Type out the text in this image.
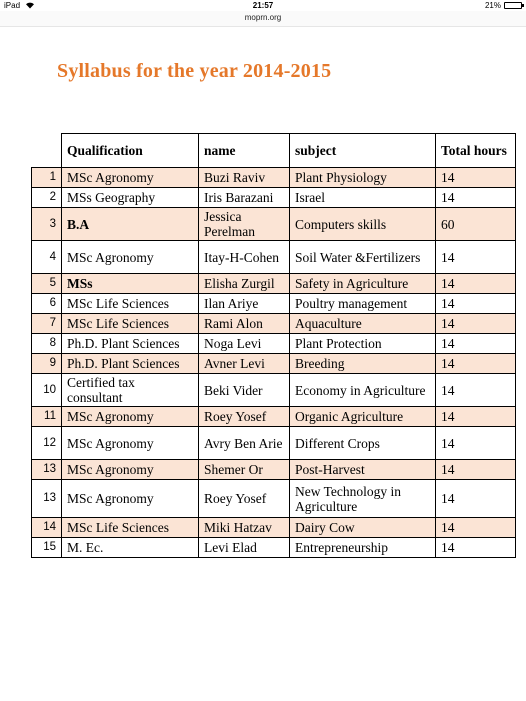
iPad	21:57	21%
moprn.org
Syllabus for the year 2014-2015
	Qualification	name	subject	Total hours
1	MSc Agronomy	Buzi Raviv	Plant Physiology	14
2	MSs Geography	Iris Barazani	Israel	14
3	B.A	Jessica Perelman	Computers skills	60
4	MSc Agronomy	Itay-H-Cohen	Soil Water &Fertilizers	14
5	MSs	Elisha Zurgil	Safety in Agriculture	14
6	MSc Life Sciences	Ilan Ariye	Poultry management	14
7	MSc Life Sciences	Rami Alon	Aquaculture	14
8	Ph.D. Plant Sciences	Noga Levi	Plant Protection	14
9	Ph.D. Plant Sciences	Avner Levi	Breeding	14
10	Certified tax consultant	Beki Vider	Economy in Agriculture	14
11	MSc Agronomy	Roey Yosef	Organic Agriculture	14
12	MSc Agronomy	Avry Ben Arie	Different Crops	14
13	MSc Agronomy	Shemer Or	Post-Harvest	14
13	MSc Agronomy	Roey Yosef	New Technology in Agriculture	14
14	MSc Life Sciences	Miki Hatzav	Dairy Cow	14
15	M. Ec.	Levi Elad	Entrepreneurship	14
